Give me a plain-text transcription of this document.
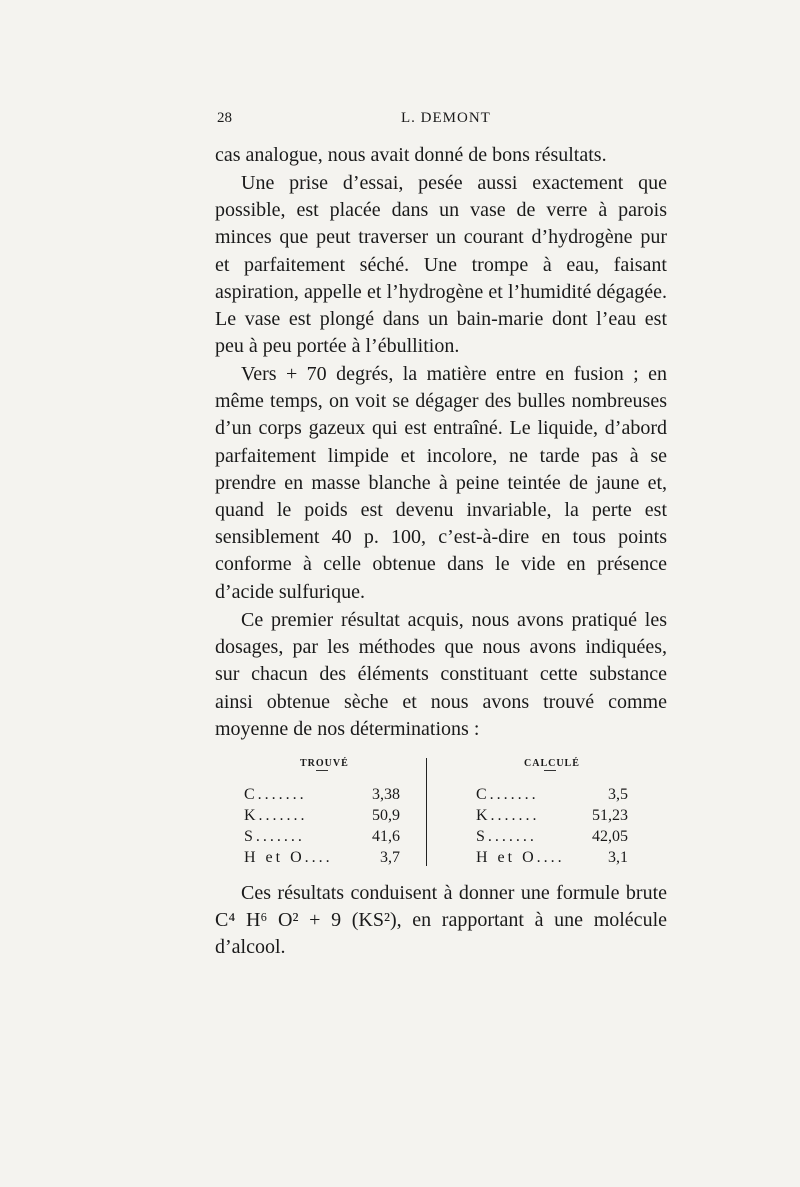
28	L. DEMONT

cas analogue, nous avait donné de bons résultats.

Une prise d’essai, pesée aussi exactement que possible, est placée dans un vase de verre à parois minces que peut traverser un courant d’hydrogène pur et parfaitement séché. Une trompe à eau, faisant aspiration, appelle et l’hydrogène et l’humidité dégagée. Le vase est plongé dans un bain-marie dont l’eau est peu à peu portée à l’ébullition.

Vers + 70 degrés, la matière entre en fusion ; en même temps, on voit se dégager des bulles nombreuses d’un corps gazeux qui est entraîné. Le liquide, d’abord parfaitement limpide et incolore, ne tarde pas à se prendre en masse blanche à peine teintée de jaune et, quand le poids est devenu invariable, la perte est sensiblement 40 p. 100, c’est-à-dire en tous points conforme à celle obtenue dans le vide en présence d’acide sulfurique.

Ce premier résultat acquis, nous avons pratiqué les dosages, par les méthodes que nous avons indiquées, sur chacun des éléments constituant cette substance ainsi obtenue sèche et nous avons trouvé comme moyenne de nos déterminations :

TROUVÉ
C.......	3,38
K.......	50,9
S.......	41,6
H et O....	3,7
CALCULÉ
C.......	3,5
K.......	51,23
S.......	42,05
H et O....	3,1

Ces résultats conduisent à donner une formule brute C⁴ H⁶ O² + 9 (KS²), en rapportant à une molécule d’alcool.
